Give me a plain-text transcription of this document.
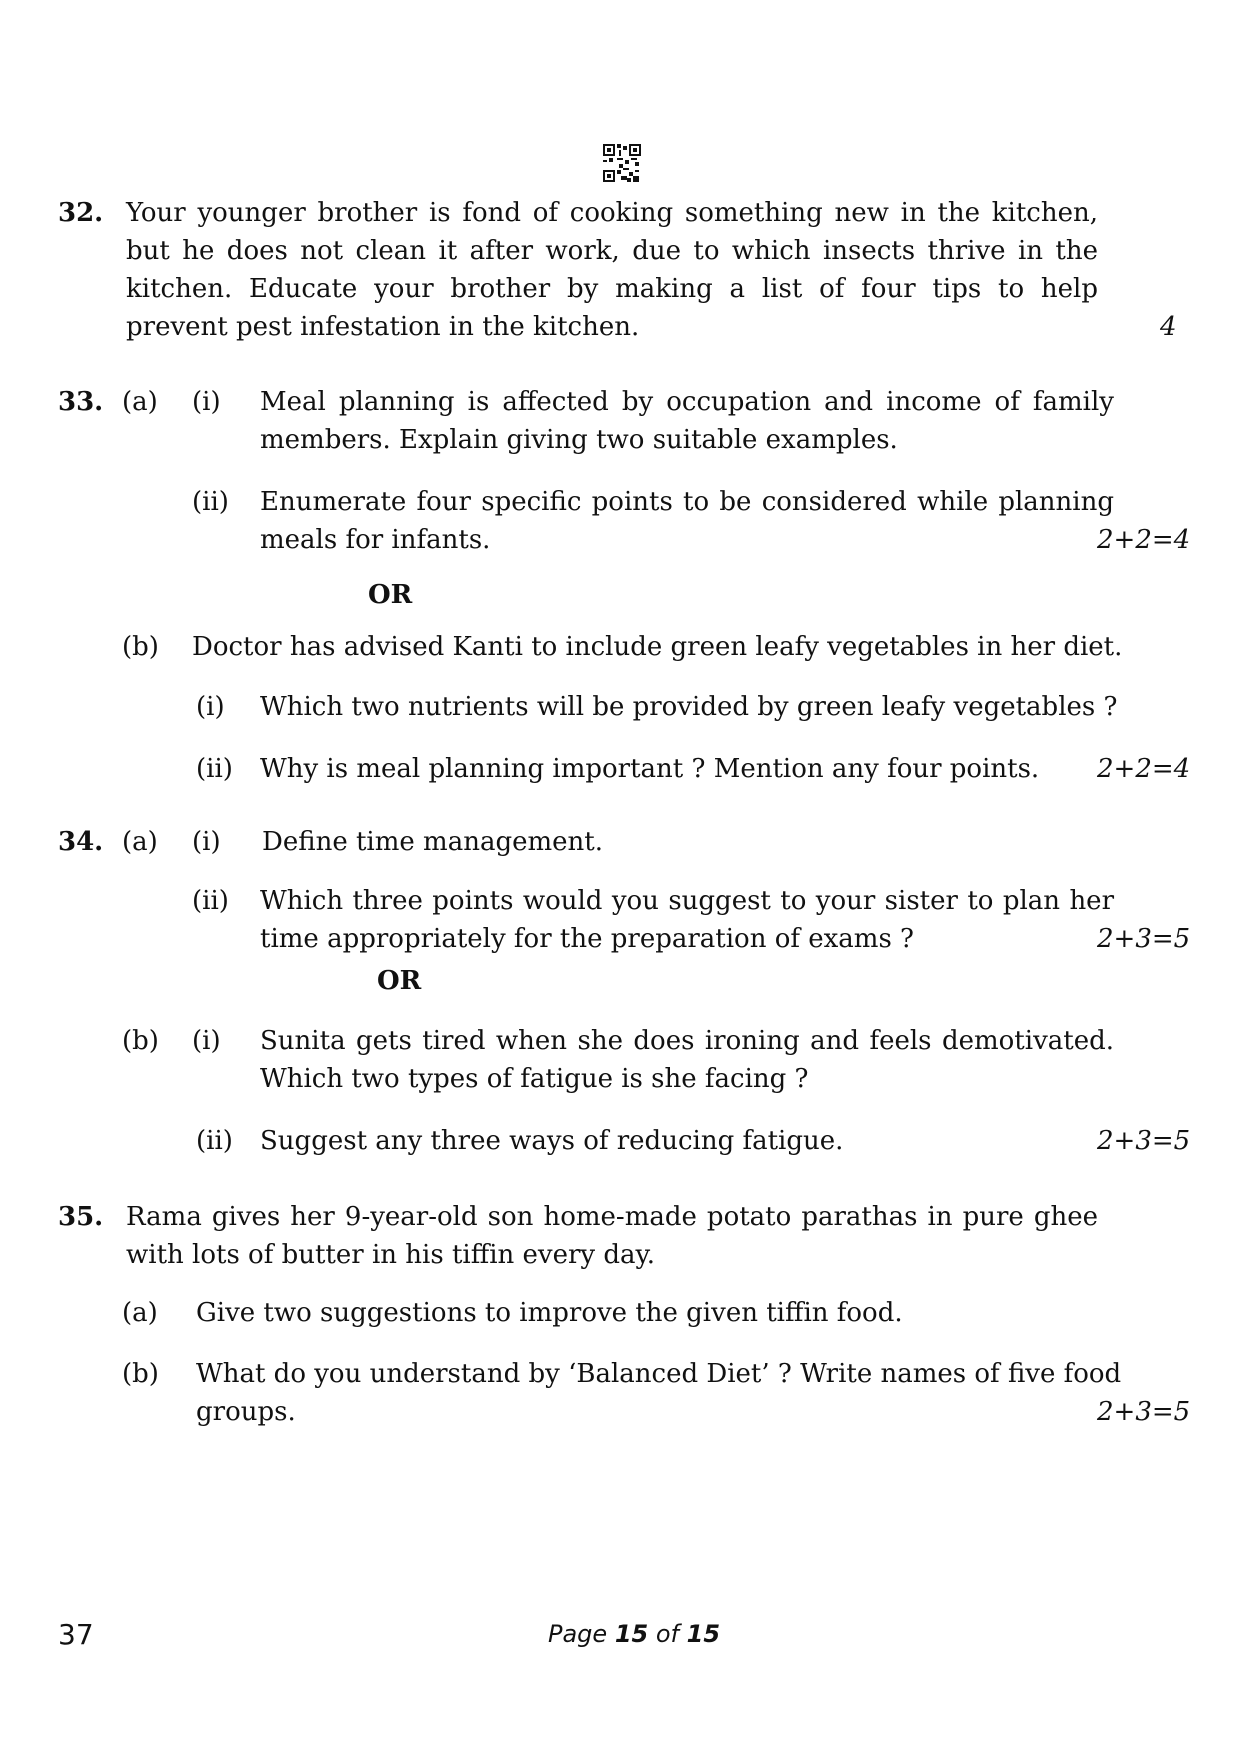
32. Your younger brother is fond of cooking something new in the kitchen,
but he does not clean it after work, due to which insects thrive in the
kitchen. Educate your brother by making a list of four tips to help
prevent pest infestation in the kitchen.	4
33. (a) (i) Meal planning is affected by occupation and income of family
members. Explain giving two suitable examples.
(ii) Enumerate four specific points to be considered while planning
meals for infants.	2+2=4
OR
(b) Doctor has advised Kanti to include green leafy vegetables in her diet.
(i) Which two nutrients will be provided by green leafy vegetables ?
(ii) Why is meal planning important ? Mention any four points. 2+2=4
34. (a) (i) Define time management.
(ii) Which three points would you suggest to your sister to plan her
time appropriately for the preparation of exams ?	2+3=5
OR
(b) (i) Sunita gets tired when she does ironing and feels demotivated.
Which two types of fatigue is she facing ?
(ii) Suggest any three ways of reducing fatigue.	2+3=5
35. Rama gives her 9-year-old son home-made potato parathas in pure ghee
with lots of butter in his tiffin every day.
(a) Give two suggestions to improve the given tiffin food.
(b) What do you understand by ‘Balanced Diet’ ? Write names of five food
groups.	2+3=5
37	Page 15 of 15
